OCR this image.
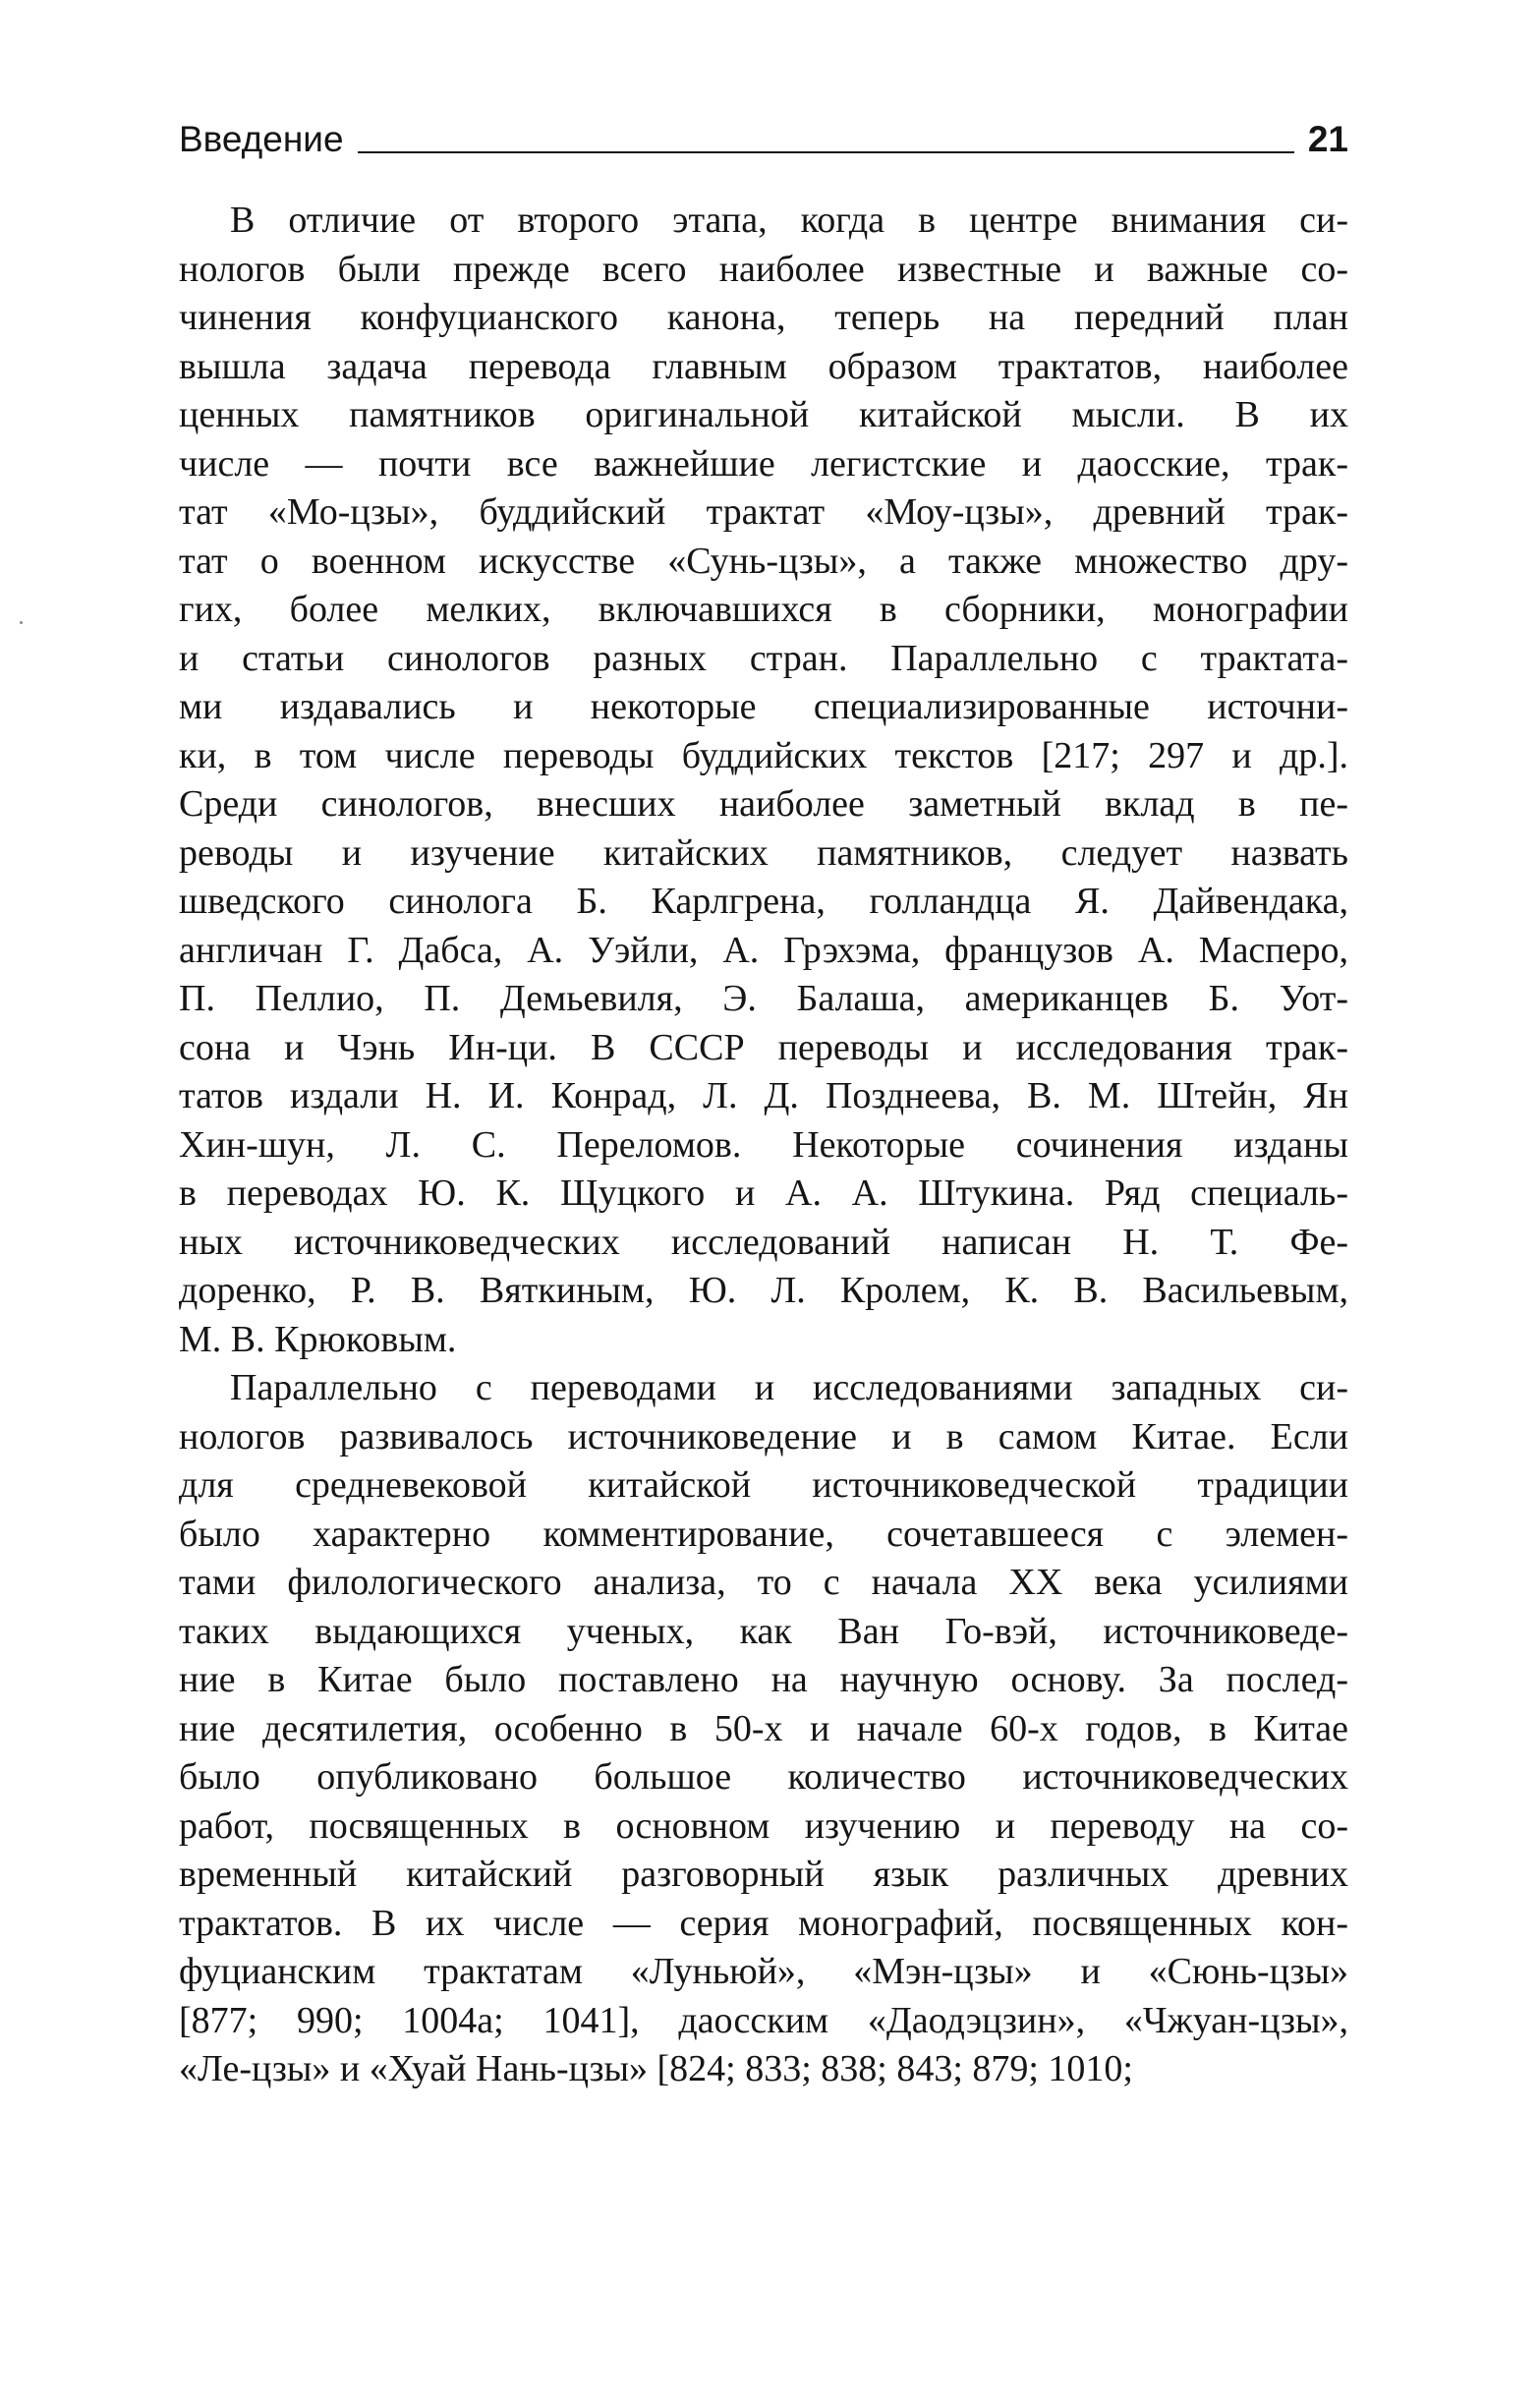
Введение	21
В отличие от второго этапа, когда в центре внимания си-
нологов были прежде всего наиболее известные и важные со-
чинения конфуцианского канона, теперь на передний план
вышла задача перевода главным образом трактатов, наиболее
ценных памятников оригинальной китайской мысли. В их
числе — почти все важнейшие легистские и даосские, трак-
тат «Мо-цзы», буддийский трактат «Моу-цзы», древний трак-
тат о военном искусстве «Сунь-цзы», а также множество дру-
гих, более мелких, включавшихся в сборники, монографии
и статьи синологов разных стран. Параллельно с трактата-
ми издавались и некоторые специализированные источни-
ки, в том числе переводы буддийских текстов [217; 297 и др.].
Среди синологов, внесших наиболее заметный вклад в пе-
реводы и изучение китайских памятников, следует назвать
шведского синолога Б. Карлгрена, голландца Я. Дайвендака,
англичан Г. Дабса, А. Уэйли, А. Грэхэма, французов А. Масперо,
П. Пеллио, П. Демьевиля, Э. Балаша, американцев Б. Уот-
сона и Чэнь Ин-ци. В СССР переводы и исследования трак-
татов издали Н. И. Конрад, Л. Д. Позднеева, В. М. Штейн, Ян
Хин-шун, Л. С. Переломов. Некоторые сочинения изданы
в переводах Ю. К. Щуцкого и А. А. Штукина. Ряд специаль-
ных источниковедческих исследований написан Н. Т. Фе-
доренко, Р. В. Вяткиным, Ю. Л. Кролем, К. В. Васильевым,
М. В. Крюковым.
Параллельно с переводами и исследованиями западных си-
нологов развивалось источниковедение и в самом Китае. Если
для средневековой китайской источниковедческой традиции
было характерно комментирование, сочетавшееся с элемен-
тами филологического анализа, то с начала XX века усилиями
таких выдающихся ученых, как Ван Го-вэй, источниковеде-
ние в Китае было поставлено на научную основу. За послед-
ние десятилетия, особенно в 50-х и начале 60-х годов, в Китае
было опубликовано большое количество источниковедческих
работ, посвященных в основном изучению и переводу на со-
временный китайский разговорный язык различных древних
трактатов. В их числе — серия монографий, посвященных кон-
фуцианским трактатам «Луньюй», «Мэн-цзы» и «Сюнь-цзы»
[877; 990; 1004а; 1041], даосским «Даодэцзин», «Чжуан-цзы»,
«Ле-цзы» и «Хуай Нань-цзы» [824; 833; 838; 843; 879; 1010;
